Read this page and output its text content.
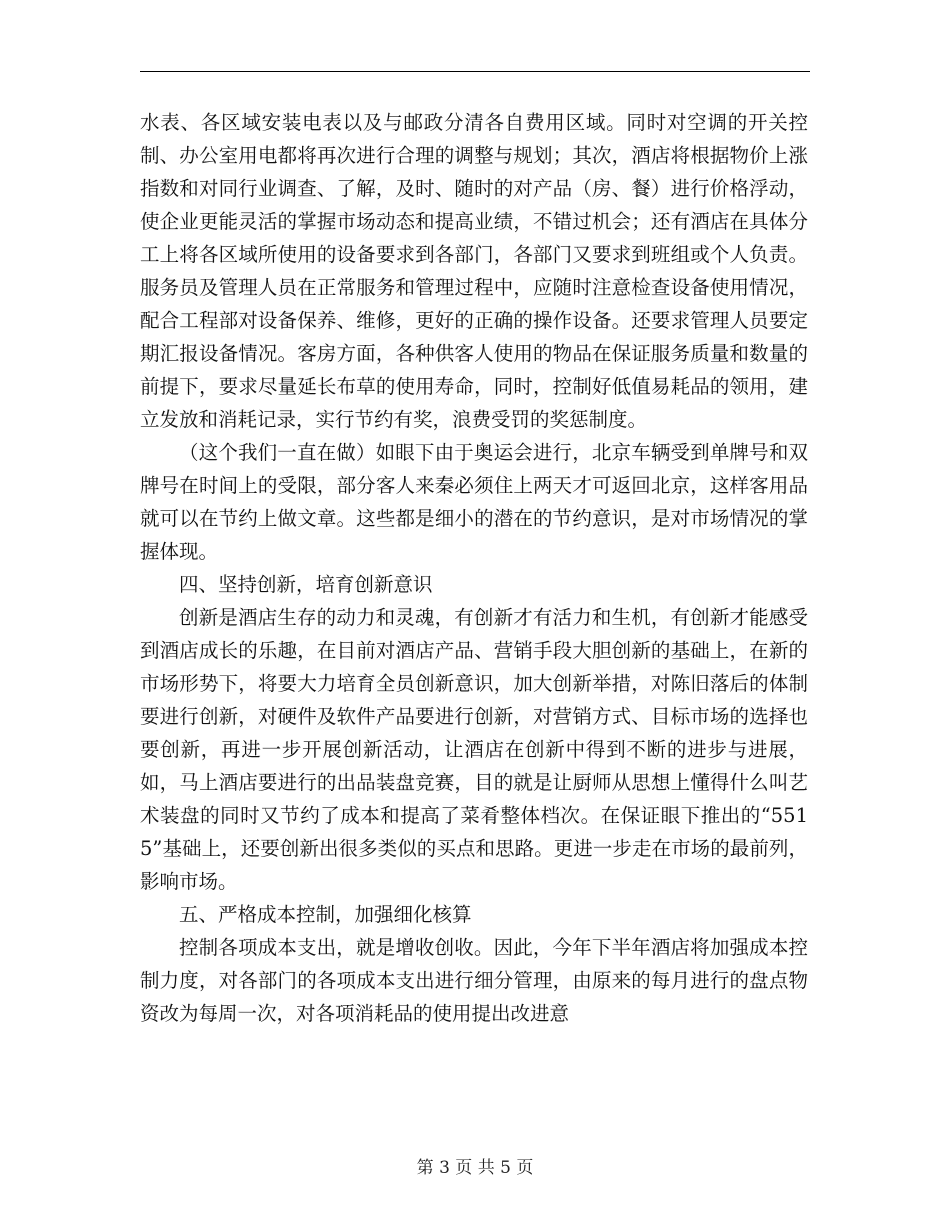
水表、各区域安装电表以及与邮政分清各自费用区域。同时对空调的开关控制、办公室用电都将再次进行合理的调整与规划；其次，酒店将根据物价上涨指数和对同行业调查、了解，及时、随时的对产品（房、餐）进行价格浮动，使企业更能灵活的掌握市场动态和提高业绩，不错过机会；还有酒店在具体分工上将各区域所使用的设备要求到各部门，各部门又要求到班组或个人负责。服务员及管理人员在正常服务和管理过程中，应随时注意检查设备使用情况，配合工程部对设备保养、维修，更好的正确的操作设备。还要求管理人员要定期汇报设备情况。客房方面，各种供客人使用的物品在保证服务质量和数量的前提下，要求尽量延长布草的使用寿命，同时，控制好低值易耗品的领用，建立发放和消耗记录，实行节约有奖，浪费受罚的奖惩制度。

（这个我们一直在做）如眼下由于奥运会进行，北京车辆受到单牌号和双牌号在时间上的受限，部分客人来秦必须住上两天才可返回北京，这样客用品就可以在节约上做文章。这些都是细小的潜在的节约意识，是对市场情况的掌握体现。

四、坚持创新，培育创新意识

创新是酒店生存的动力和灵魂，有创新才有活力和生机，有创新才能感受到酒店成长的乐趣，在目前对酒店产品、营销手段大胆创新的基础上，在新的市场形势下，将要大力培育全员创新意识，加大创新举措，对陈旧落后的体制要进行创新，对硬件及软件产品要进行创新，对营销方式、目标市场的选择也要创新，再进一步开展创新活动，让酒店在创新中得到不断的进步与进展，如，马上酒店要进行的出品装盘竞赛，目的就是让厨师从思想上懂得什么叫艺术装盘的同时又节约了成本和提高了菜肴整体档次。在保证眼下推出的“5515”基础上，还要创新出很多类似的买点和思路。更进一步走在市场的最前列，影响市场。

五、严格成本控制，加强细化核算

控制各项成本支出，就是增收创收。因此，今年下半年酒店将加强成本控制力度，对各部门的各项成本支出进行细分管理，由原来的每月进行的盘点物资改为每周一次，对各项消耗品的使用提出改进意

第 3 页 共 5 页
